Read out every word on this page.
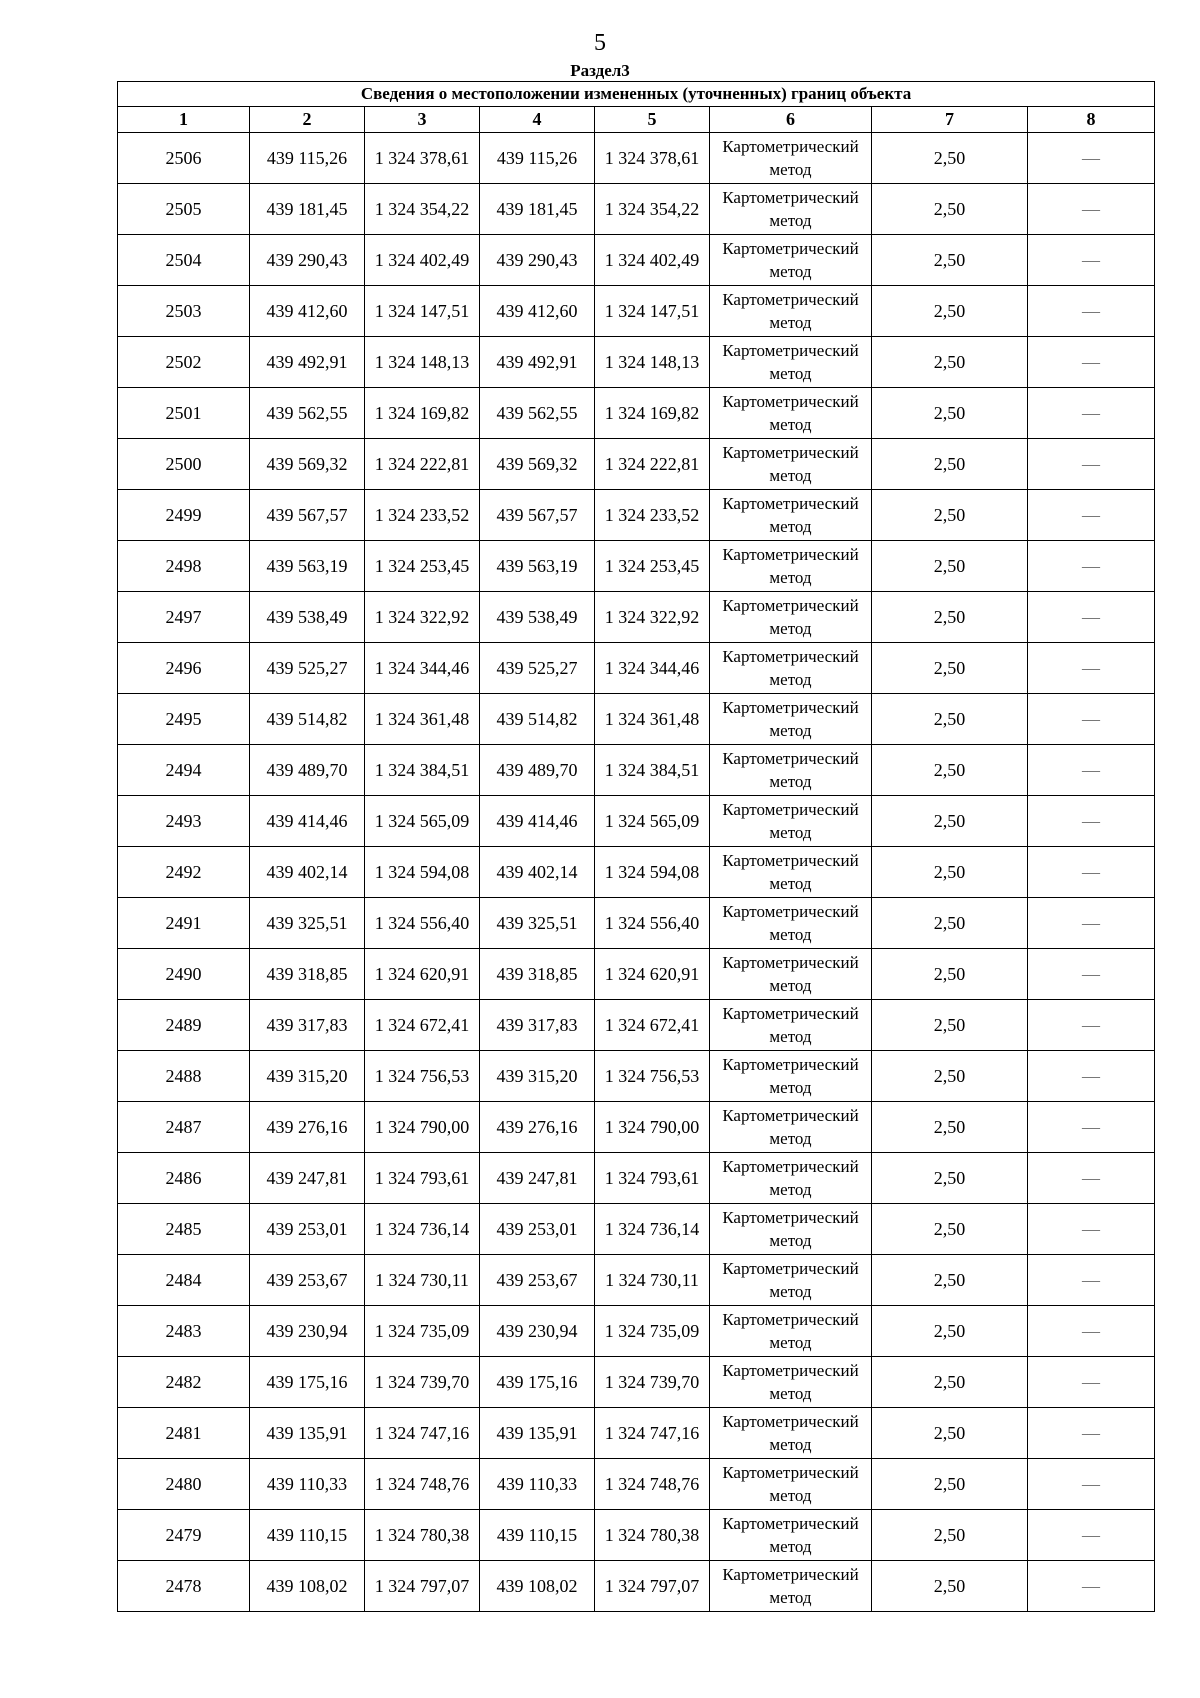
5
Раздел3
Сведения о местоположении измененных (уточненных) границ объекта							
1	2	3	4	5	6	7	8
2506	439 115,26	1 324 378,61	439 115,26	1 324 378,61	Картометрический метод	2,50	—
2505	439 181,45	1 324 354,22	439 181,45	1 324 354,22	Картометрический метод	2,50	—
2504	439 290,43	1 324 402,49	439 290,43	1 324 402,49	Картометрический метод	2,50	—
2503	439 412,60	1 324 147,51	439 412,60	1 324 147,51	Картометрический метод	2,50	—
2502	439 492,91	1 324 148,13	439 492,91	1 324 148,13	Картометрический метод	2,50	—
2501	439 562,55	1 324 169,82	439 562,55	1 324 169,82	Картометрический метод	2,50	—
2500	439 569,32	1 324 222,81	439 569,32	1 324 222,81	Картометрический метод	2,50	—
2499	439 567,57	1 324 233,52	439 567,57	1 324 233,52	Картометрический метод	2,50	—
2498	439 563,19	1 324 253,45	439 563,19	1 324 253,45	Картометрический метод	2,50	—
2497	439 538,49	1 324 322,92	439 538,49	1 324 322,92	Картометрический метод	2,50	—
2496	439 525,27	1 324 344,46	439 525,27	1 324 344,46	Картометрический метод	2,50	—
2495	439 514,82	1 324 361,48	439 514,82	1 324 361,48	Картометрический метод	2,50	—
2494	439 489,70	1 324 384,51	439 489,70	1 324 384,51	Картометрический метод	2,50	—
2493	439 414,46	1 324 565,09	439 414,46	1 324 565,09	Картометрический метод	2,50	—
2492	439 402,14	1 324 594,08	439 402,14	1 324 594,08	Картометрический метод	2,50	—
2491	439 325,51	1 324 556,40	439 325,51	1 324 556,40	Картометрический метод	2,50	—
2490	439 318,85	1 324 620,91	439 318,85	1 324 620,91	Картометрический метод	2,50	—
2489	439 317,83	1 324 672,41	439 317,83	1 324 672,41	Картометрический метод	2,50	—
2488	439 315,20	1 324 756,53	439 315,20	1 324 756,53	Картометрический метод	2,50	—
2487	439 276,16	1 324 790,00	439 276,16	1 324 790,00	Картометрический метод	2,50	—
2486	439 247,81	1 324 793,61	439 247,81	1 324 793,61	Картометрический метод	2,50	—
2485	439 253,01	1 324 736,14	439 253,01	1 324 736,14	Картометрический метод	2,50	—
2484	439 253,67	1 324 730,11	439 253,67	1 324 730,11	Картометрический метод	2,50	—
2483	439 230,94	1 324 735,09	439 230,94	1 324 735,09	Картометрический метод	2,50	—
2482	439 175,16	1 324 739,70	439 175,16	1 324 739,70	Картометрический метод	2,50	—
2481	439 135,91	1 324 747,16	439 135,91	1 324 747,16	Картометрический метод	2,50	—
2480	439 110,33	1 324 748,76	439 110,33	1 324 748,76	Картометрический метод	2,50	—
2479	439 110,15	1 324 780,38	439 110,15	1 324 780,38	Картометрический метод	2,50	—
2478	439 108,02	1 324 797,07	439 108,02	1 324 797,07	Картометрический метод	2,50	—
